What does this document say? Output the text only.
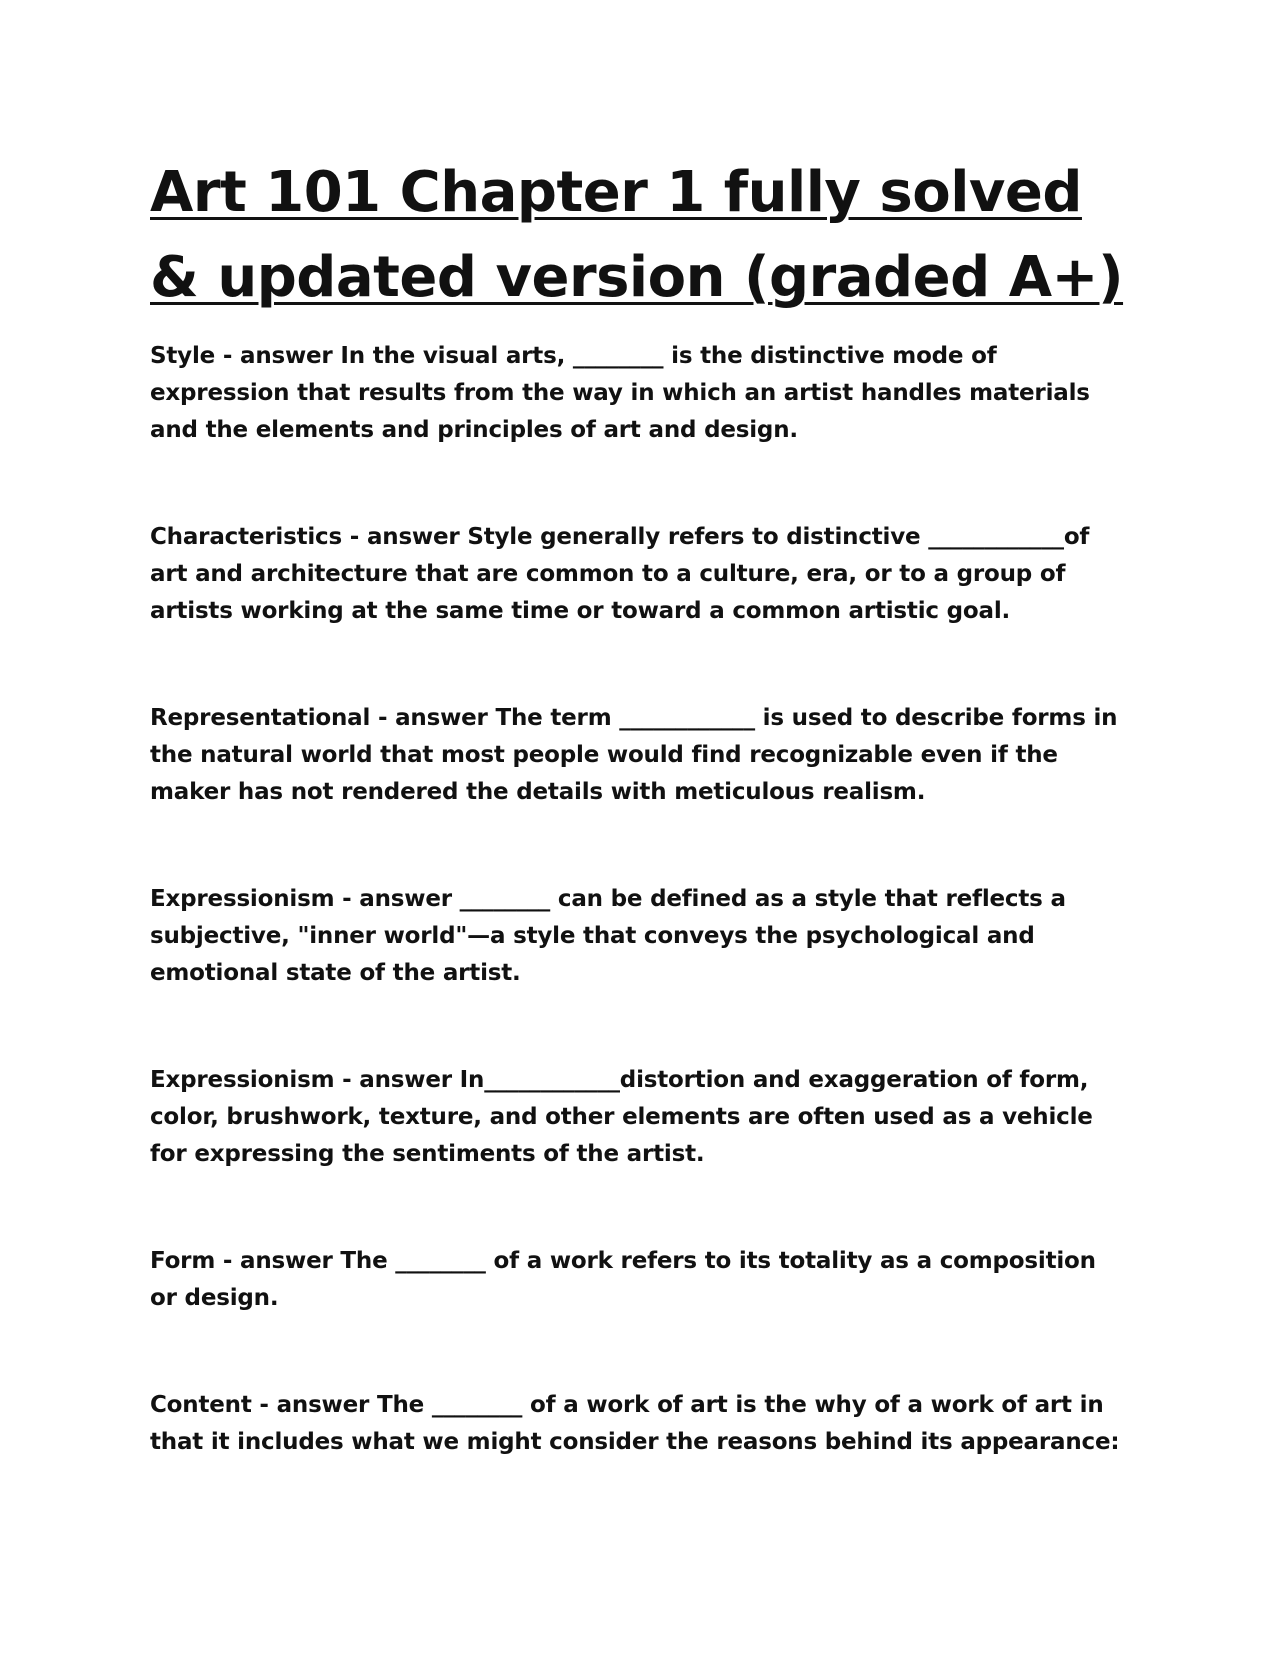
Art 101 Chapter 1 fully solved & updated version (graded A+)

Style - answer In the visual arts, ________ is the distinctive mode of expression that results from the way in which an artist handles materials and the elements and principles of art and design.

Characteristics - answer Style generally refers to distinctive ____________of art and architecture that are common to a culture, era, or to a group of artists working at the same time or toward a common artistic goal.

Representational - answer The term ____________ is used to describe forms in the natural world that most people would find recognizable even if the maker has not rendered the details with meticulous realism.

Expressionism - answer ________ can be defined as a style that reflects a subjective, "inner world"—a style that conveys the psychological and emotional state of the artist.

Expressionism - answer In____________distortion and exaggeration of form, color, brushwork, texture, and other elements are often used as a vehicle for expressing the sentiments of the artist.

Form - answer The ________ of a work refers to its totality as a composition or design.

Content - answer The ________ of a work of art is the why of a work of art in that it includes what we might consider the reasons behind its appearance:
